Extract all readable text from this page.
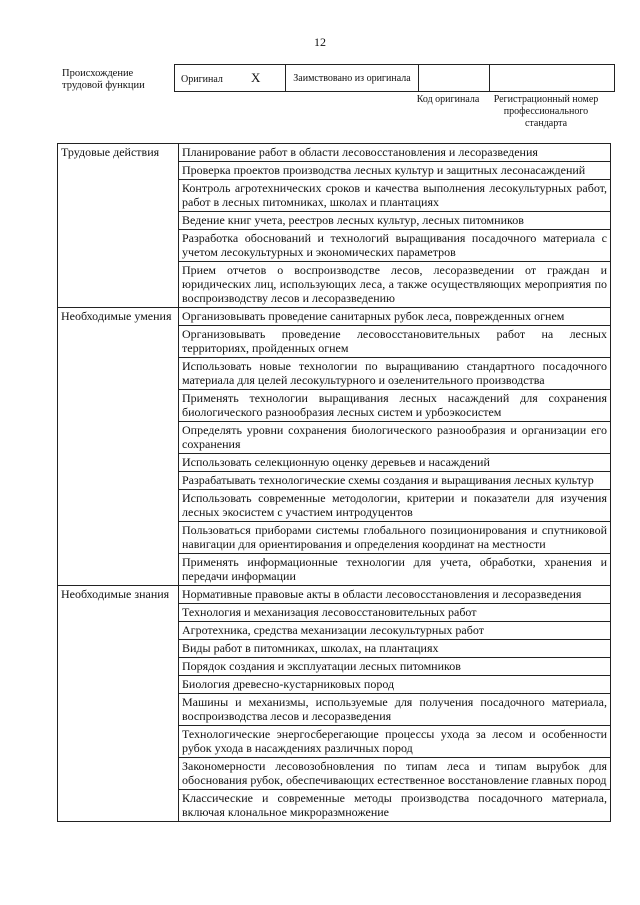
12
Происхождение трудовой функции
Оригинал X	Заимствовано из оригинала		
Код оригинала	Регистрационный номер профессионального стандарта
Трудовые действия	Планирование работ в области лесовосстановления и лесоразведения
	Проверка проектов производства лесных культур и защитных лесонасаждений
	Контроль агротехнических сроков и качества выполнения лесокультурных работ, работ в лесных питомниках, школах и плантациях
	Ведение книг учета, реестров лесных культур, лесных питомников
	Разработка обоснований и технологий выращивания посадочного материала с учетом лесокультурных и экономических параметров
	Прием отчетов о воспроизводстве лесов, лесоразведении от граждан и юридических лиц, использующих леса, а также осуществляющих мероприятия по воспроизводству лесов и лесоразведению
Необходимые умения	Организовывать проведение санитарных рубок леса, поврежденных огнем
	Организовывать проведение лесовосстановительных работ на лесных территориях, пройденных огнем
	Использовать новые технологии по выращиванию стандартного посадочного материала для целей лесокультурного и озеленительного производства
	Применять технологии выращивания лесных насаждений для сохранения биологического разнообразия лесных систем и урбоэкосистем
	Определять уровни сохранения биологического разнообразия и организации его сохранения
	Использовать селекционную оценку деревьев и насаждений
	Разрабатывать технологические схемы создания и выращивания лесных культур
	Использовать современные методологии, критерии и показатели для изучения лесных экосистем с участием интродуцентов
	Пользоваться приборами системы глобального позиционирования и спутниковой навигации для ориентирования и определения координат на местности
	Применять информационные технологии для учета, обработки, хранения и передачи информации
Необходимые знания	Нормативные правовые акты в области лесовосстановления и лесоразведения
	Технология и механизация лесовосстановительных работ
	Агротехника, средства механизации лесокультурных работ
	Виды работ в питомниках, школах, на плантациях
	Порядок создания и эксплуатации лесных питомников
	Биология древесно-кустарниковых пород
	Машины и механизмы, используемые для получения посадочного материала, воспроизводства лесов и лесоразведения
	Технологические энергосберегающие процессы ухода за лесом и особенности рубок ухода в насаждениях различных пород
	Закономерности лесовозобновления по типам леса и типам вырубок для обоснования рубок, обеспечивающих естественное восстановление главных пород
	Классические и современные методы производства посадочного материала, включая клональное микроразмножение
